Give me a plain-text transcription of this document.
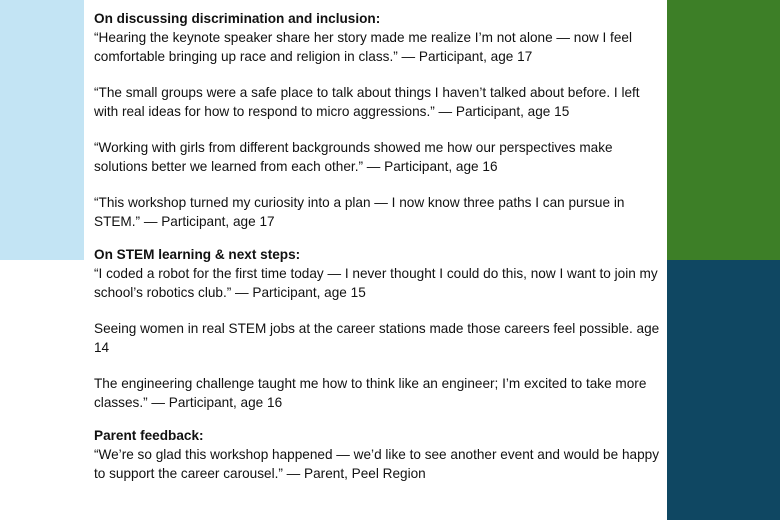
On discussing discrimination and inclusion:

“Hearing the keynote speaker share her story made me realize I’m not alone — now I feel comfortable bringing up race and religion in class.” — Participant, age 17

“The small groups were a safe place to talk about things I haven’t talked about before. I left with real ideas for how to respond to micro aggressions.” — Participant, age 15

“Working with girls from different backgrounds showed me how our perspectives make solutions better we learned from each other.” — Participant, age 16

“This workshop turned my curiosity into a plan — I now know three paths I can pursue in STEM.” — Participant, age 17

On STEM learning & next steps:

“I coded a robot for the first time today — I never thought I could do this, now I want to join my school’s robotics club.” — Participant, age 15

Seeing women in real STEM jobs at the career stations made those careers feel possible. age 14

The engineering challenge taught me how to think like an engineer; I’m excited to take more classes.” — Participant, age 16

Parent feedback:

“We’re so glad this workshop happened — we’d like to see another event and would be happy to support the career carousel.” — Parent, Peel Region
